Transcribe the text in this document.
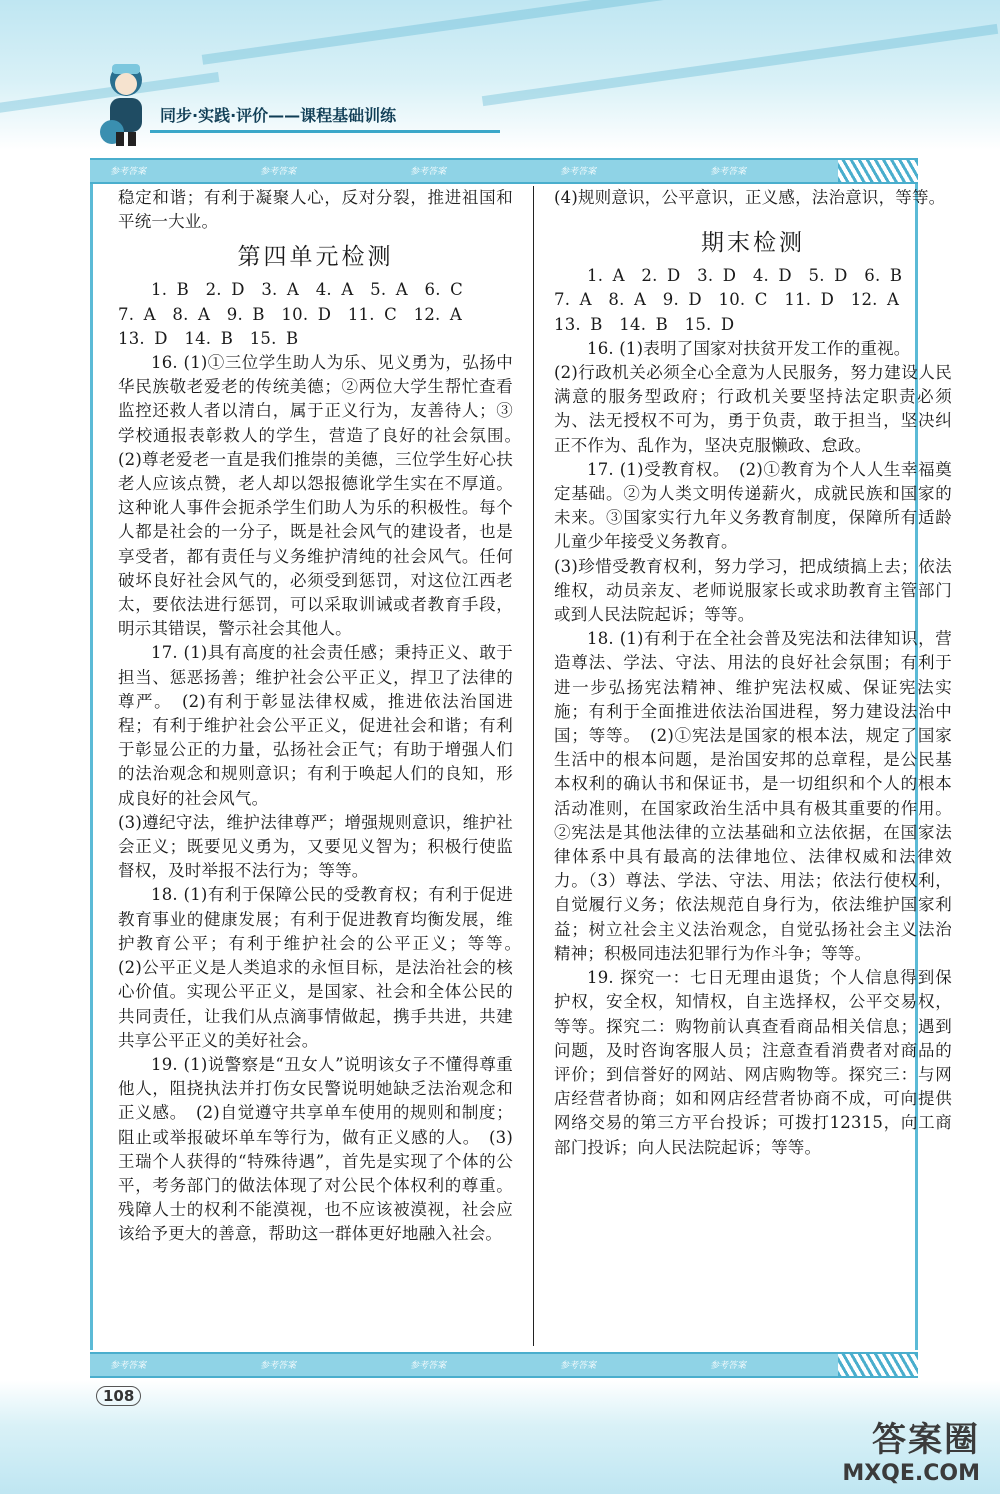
同步·实践·评价——课程基础训练
参考答案	参考答案	参考答案	参考答案	参考答案
参考答案	参考答案	参考答案	参考答案	参考答案

稳定和谐；有利于凝聚人心，反对分裂，推进祖国和平统一大业。

第四单元检测

1. B　2. D　3. A　4. A　5. A　6. C

7. A　8. A　9. B　10. D　11. C　12. A

13. D　14. B　15. B

16. (1)①三位学生助人为乐、见义勇为，弘扬中华民族敬老爱老的传统美德；②两位大学生帮忙查看监控还救人者以清白，属于正义行为，友善待人；③学校通报表彰救人的学生，营造了良好的社会氛围。　(2)尊老爱老一直是我们推崇的美德，三位学生好心扶老人应该点赞，老人却以怨报德讹学生实在不厚道。这种讹人事件会扼杀学生们助人为乐的积极性。每个人都是社会的一分子，既是社会风气的建设者，也是享受者，都有责任与义务维护清纯的社会风气。任何破坏良好社会风气的，必须受到惩罚，对这位江西老太，要依法进行惩罚，可以采取训诫或者教育手段，明示其错误，警示社会其他人。

17. (1)具有高度的社会责任感；秉持正义、敢于担当、惩恶扬善；维护社会公平正义，捍卫了法律的尊严。　(2)有利于彰显法律权威，推进依法治国进程；有利于维护社会公平正义，促进社会和谐；有利于彰显公正的力量，弘扬社会正气；有助于增强人们的法治观念和规则意识；有利于唤起人们的良知，形成良好的社会风气。

(3)遵纪守法，维护法律尊严；增强规则意识，维护社会正义；既要见义勇为，又要见义智为；积极行使监督权，及时举报不法行为；等等。

18. (1)有利于保障公民的受教育权；有利于促进教育事业的健康发展；有利于促进教育均衡发展，维护教育公平；有利于维护社会的公平正义；等等。　(2)公平正义是人类追求的永恒目标，是法治社会的核心价值。实现公平正义，是国家、社会和全体公民的共同责任，让我们从点滴事情做起，携手共进，共建共享公平正义的美好社会。

19. (1)说警察是“丑女人”说明该女子不懂得尊重他人，阻挠执法并打伤女民警说明她缺乏法治观念和正义感。　(2)自觉遵守共享单车使用的规则和制度；阻止或举报破坏单车等行为，做有正义感的人。　(3)王瑞个人获得的“特殊待遇”，首先是实现了个体的公平，考务部门的做法体现了对公民个体权利的尊重。残障人士的权利不能漠视，也不应该被漠视，社会应该给予更大的善意，帮助这一群体更好地融入社会。

(4)规则意识，公平意识，正义感，法治意识，等等。

期末检测

1. A　2. D　3. D　4. D　5. D　6. B

7. A　8. A　9. D　10. C　11. D　12. A

13. B　14. B　15. D

16. (1)表明了国家对扶贫开发工作的重视。

(2)行政机关必须全心全意为人民服务，努力建设人民满意的服务型政府；行政机关要坚持法定职责必须为、法无授权不可为，勇于负责，敢于担当，坚决纠正不作为、乱作为，坚决克服懒政、怠政。

17. (1)受教育权。　(2)①教育为个人人生幸福奠定基础。②为人类文明传递薪火，成就民族和国家的未来。③国家实行九年义务教育制度，保障所有适龄儿童少年接受义务教育。

(3)珍惜受教育权利，努力学习，把成绩搞上去；依法维权，动员亲友、老师说服家长或求助教育主管部门或到人民法院起诉；等等。

18. (1)有利于在全社会普及宪法和法律知识，营造尊法、学法、守法、用法的良好社会氛围；有利于进一步弘扬宪法精神、维护宪法权威、保证宪法实施；有利于全面推进依法治国进程，努力建设法治中国；等等。　(2)①宪法是国家的根本法，规定了国家生活中的根本问题，是治国安邦的总章程，是公民基本权利的确认书和保证书，是一切组织和个人的根本活动准则，在国家政治生活中具有极其重要的作用。②宪法是其他法律的立法基础和立法依据，在国家法律体系中具有最高的法律地位、法律权威和法律效力。（3）尊法、学法、守法、用法；依法行使权利，自觉履行义务；依法规范自身行为，依法维护国家利益；树立社会主义法治观念，自觉弘扬社会主义法治精神；积极同违法犯罪行为作斗争；等等。

19. 探究一：七日无理由退货；个人信息得到保护权，安全权，知情权，自主选择权，公平交易权，等等。探究二：购物前认真查看商品相关信息；遇到问题，及时咨询客服人员；注意查看消费者对商品的评价；到信誉好的网站、网店购物等。探究三：与网店经营者协商；如和网店经营者协商不成，可向提供网络交易的第三方平台投诉；可拨打12315，向工商部门投诉；向人民法院起诉；等等。

108
答案圈
MXQE.COM
